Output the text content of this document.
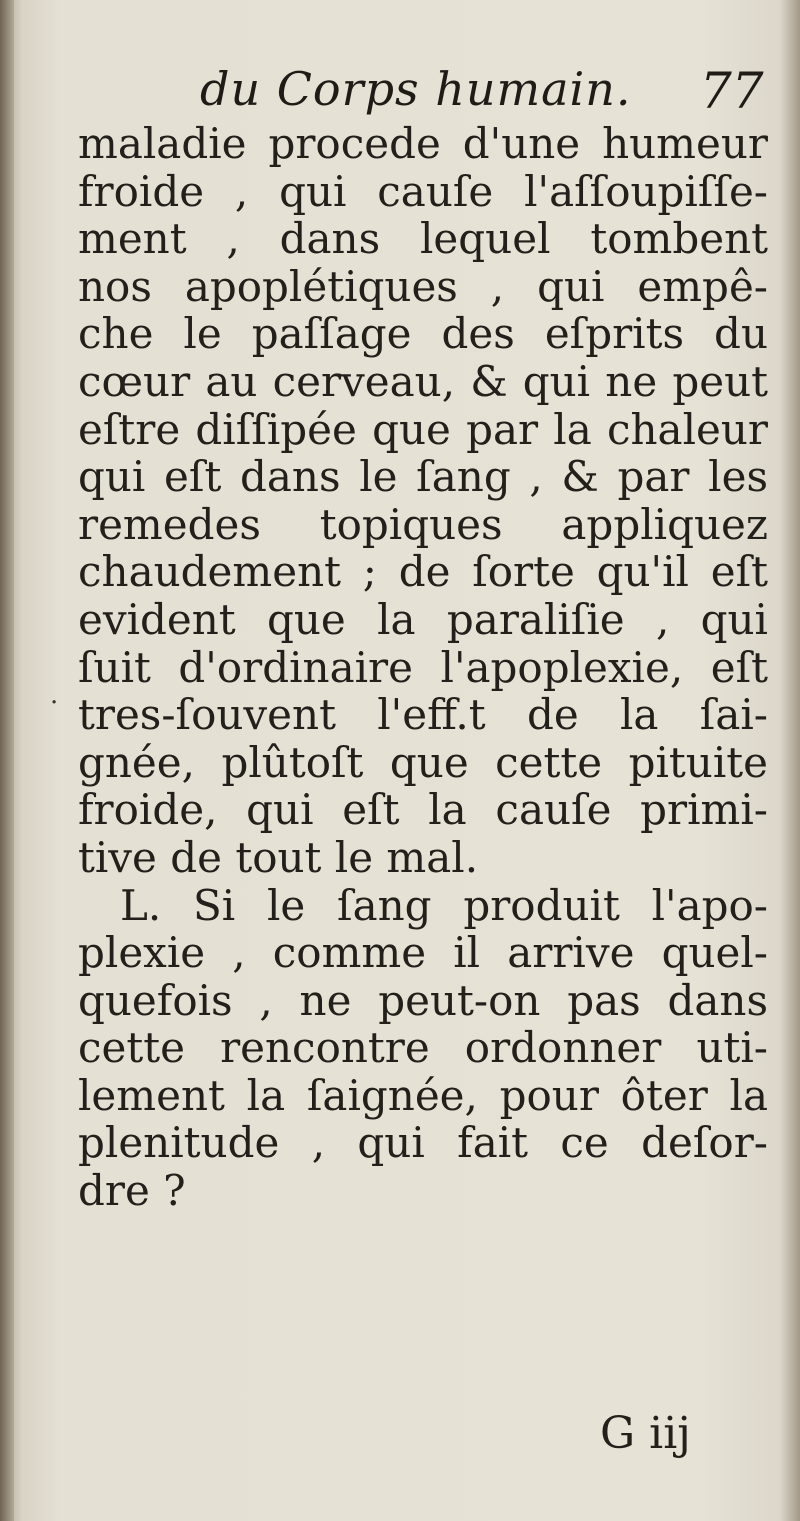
du Corps humain. 77
·
maladie procede d'une humeur
froide , qui cauſe l'aſſoupiſſe-
ment , dans lequel tombent
nos apoplétiques , qui empê-
che le paſſage des eſprits du
cœur au cerveau, & qui ne peut
eſtre diſſipée que par la chaleur
qui eſt dans le ſang , & par les
remedes topiques appliquez
chaudement ; de ſorte qu'il eſt
evident que la paraliſie , qui
ſuit d'ordinaire l'apoplexie, eſt
tres-ſouvent l'eff.t de la ſai-
gnée, plûtoſt que cette pituite
froide, qui eſt la cauſe primi-
tive de tout le mal.
L. Si le ſang produit l'apo-
plexie , comme il arrive quel-
quefois , ne peut-on pas dans
cette rencontre ordonner uti-
lement la ſaignée, pour ôter la
plenitude , qui fait ce deſor-
dre ?
G iij
